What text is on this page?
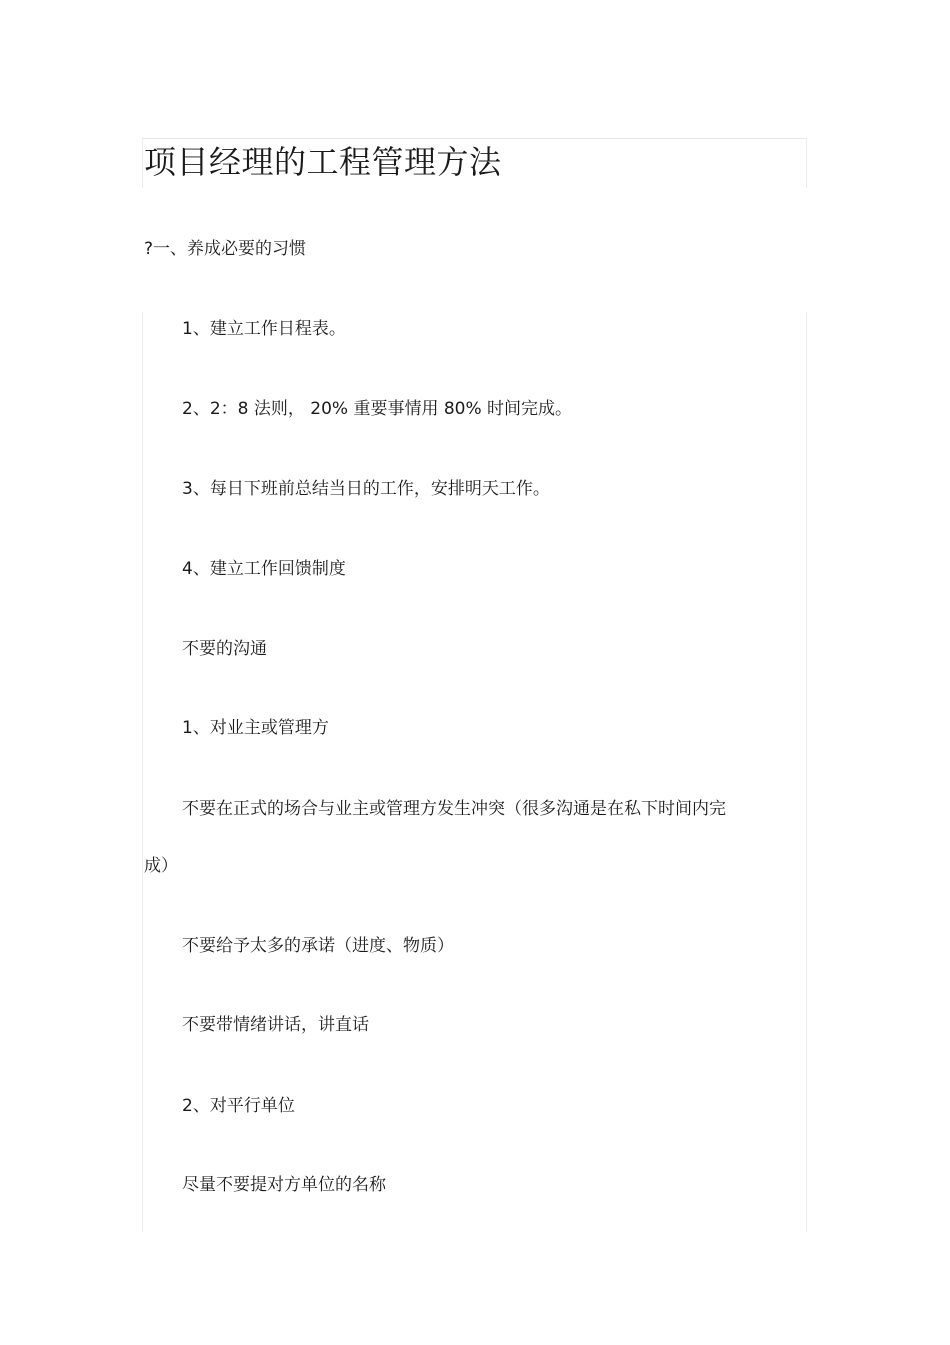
项目经理的工程管理方法
?一、养成必要的习惯
1、建立工作日程表。
2、2：8 法则， 20% 重要事情用 80% 时间完成。
3、每日下班前总结当日的工作，安排明天工作。
4、建立工作回馈制度
不要的沟通
1、对业主或管理方
不要在正式的场合与业主或管理方发生冲突（很多沟通是在私下时间内完
成）
不要给予太多的承诺（进度、物质）
不要带情绪讲话，讲直话
2、对平行单位
尽量不要提对方单位的名称
